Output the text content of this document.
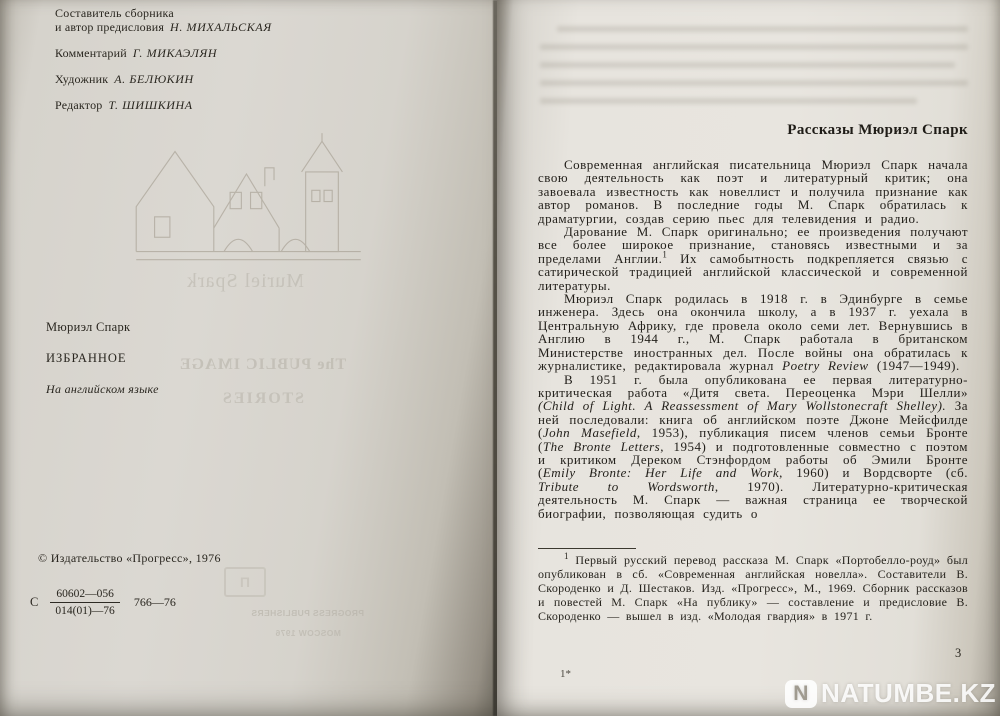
Muriel Spark
The PUBLIC IMAGE
STORIES
П
PROGRESS PUBLISHERS
MOSCOW 1976
Составитель сборника
и автор предисловия Н. МИХАЛЬСКАЯ
Комментарий Г. МИКАЭЛЯН
Художник А. БЕЛЮКИН
Редактор Т. ШИШКИНА
Мюриэл Спарк
ИЗБРАННОЕ
На английском языке
© Издательство «Прогресс», 1976
С $\frac{60602—056}{014(01)—76}$ 766—76
Рассказы Мюриэл Спарк

Современная английская писательница Мюриэл Спарк начала свою деятельность как поэт и литературный критик; она завоевала известность как новеллист и получила признание как автор романов. В последние годы М. Спарк обратилась к драматургии, создав серию пьес для телевидения и радио.

Дарование М. Спарк оригинально; ее произведения получают все более широкое признание, становясь известными и за пределами Англии.$^1$ Их самобытность подкрепляется связью с сатирической традицией английской классической и современной литературы.

Мюриэл Спарк родилась в 1918 г. в Эдинбурге в семье инженера. Здесь она окончила школу, а в 1937 г. уехала в Центральную Африку, где провела около семи лет. Вернувшись в Англию в 1944 г., М. Спарк работала в британском Министерстве иностранных дел. После войны она обратилась к журналистике, редактировала журнал Poetry Review (1947—1949).

В 1951 г. была опубликована ее первая литературно-критическая работа «Дитя света. Переоценка Мэри Шелли» (Child of Light. A Reassessment of Mary Wollstonecraft Shelley). За ней последовали: книга об английском поэте Джоне Мейсфилде (John Masefield, 1953), публикация писем членов семьи Бронте (The Bronte Letters, 1954) и подготовленные совместно с поэтом и критиком Дереком Стэнфордом работы об Эмили Бронте (Emily Bronte: Her Life and Work, 1960) и Вордсворте (сб. Tribute to Wordsworth, 1970). Литературно-критическая деятельность М. Спарк — важная страница ее творческой биографии, позволяющая судить о

$^1$ Первый русский перевод рассказа М. Спарк «Портобелло-роуд» был опубликован в сб. «Современная английская новелла». Составители В. Скороденко и Д. Шестаков. Изд. «Прогресс», М., 1969. Сборник рассказов и повестей М. Спарк «На публику» — составление и предисловие В. Скороденко — вышел в изд. «Молодая гвардия» в 1971 г.

1*
3
N NATUMBE.KZ
